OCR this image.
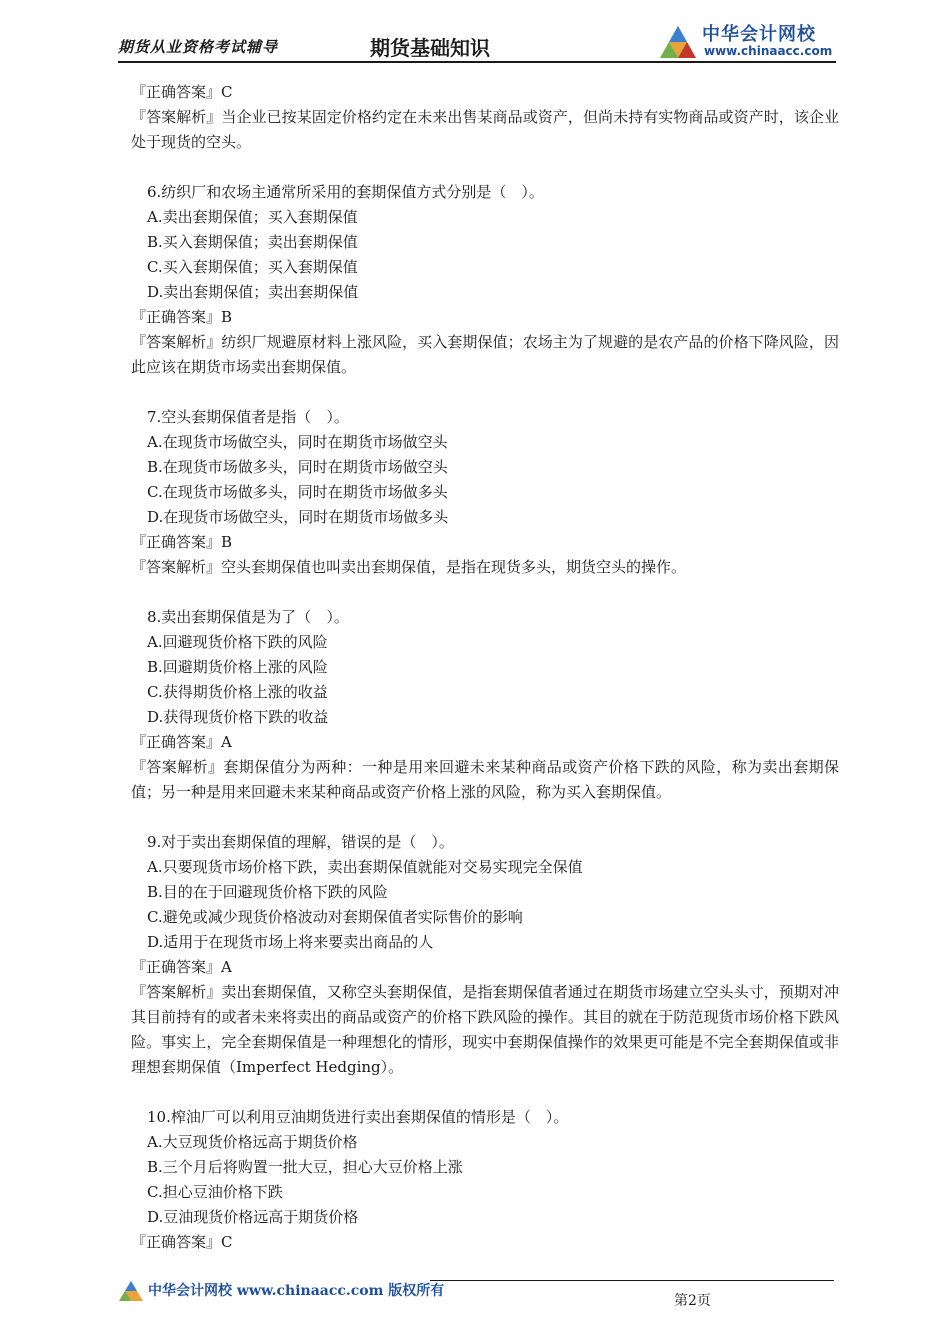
期货从业资格考试辅导	期货基础知识
中华会计网校
www.chinaacc.com
『正确答案』C
『答案解析』当企业已按某固定价格约定在未来出售某商品或资产，但尚未持有实物商品或资产时，该企业处于现货的空头。
6.纺织厂和农场主通常所采用的套期保值方式分别是（　）。
A.卖出套期保值；买入套期保值
B.买入套期保值；卖出套期保值
C.买入套期保值；买入套期保值
D.卖出套期保值；卖出套期保值
『正确答案』B
『答案解析』纺织厂规避原材料上涨风险，买入套期保值；农场主为了规避的是农产品的价格下降风险，因此应该在期货市场卖出套期保值。
7.空头套期保值者是指（　）。
A.在现货市场做空头，同时在期货市场做空头
B.在现货市场做多头，同时在期货市场做空头
C.在现货市场做多头，同时在期货市场做多头
D.在现货市场做空头，同时在期货市场做多头
『正确答案』B
『答案解析』空头套期保值也叫卖出套期保值，是指在现货多头，期货空头的操作。
8.卖出套期保值是为了（　）。
A.回避现货价格下跌的风险
B.回避期货价格上涨的风险
C.获得期货价格上涨的收益
D.获得现货价格下跌的收益
『正确答案』A
『答案解析』套期保值分为两种：一种是用来回避未来某种商品或资产价格下跌的风险，称为卖出套期保值；另一种是用来回避未来某种商品或资产价格上涨的风险，称为买入套期保值。
9.对于卖出套期保值的理解，错误的是（　）。
A.只要现货市场价格下跌，卖出套期保值就能对交易实现完全保值
B.目的在于回避现货价格下跌的风险
C.避免或减少现货价格波动对套期保值者实际售价的影响
D.适用于在现货市场上将来要卖出商品的人
『正确答案』A
『答案解析』卖出套期保值，又称空头套期保值，是指套期保值者通过在期货市场建立空头头寸，预期对冲其目前持有的或者未来将卖出的商品或资产的价格下跌风险的操作。其目的就在于防范现货市场价格下跌风险。事实上，完全套期保值是一种理想化的情形，现实中套期保值操作的效果更可能是不完全套期保值或非理想套期保值（Imperfect Hedging）。
10.榨油厂可以利用豆油期货进行卖出套期保值的情形是（　）。
A.大豆现货价格远高于期货价格
B.三个月后将购置一批大豆，担心大豆价格上涨
C.担心豆油价格下跌
D.豆油现货价格远高于期货价格
『正确答案』C
中华会计网校 www.chinaacc.com 版权所有
第2页
